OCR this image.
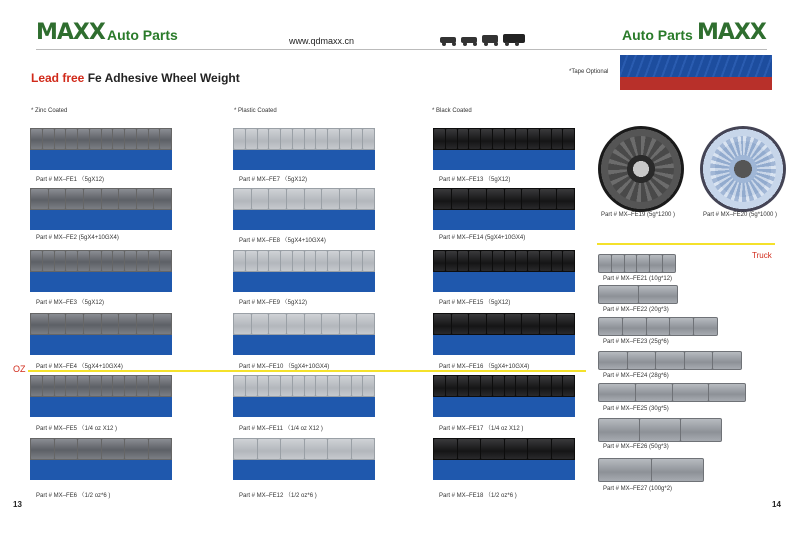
MAXX Auto Parts	www.qdmaxx.cn	Auto Parts MAXX
Lead free Fe Adhesive Wheel Weight	*Tape Optional
* Zinc Coated	* Plastic Coated	* Black Coated
Part # MX–FE1 （5gX12)
Part # MX–FE2 (5gX4+10GX4)
Part # MX–FE3 （5gX12)
Part # MX–FE4 （5gX4+10GX4)
Part # MX–FE5 （1/4 oz X12 )
Part # MX–FE6 （1/2 oz*6 )
Part # MX–FE7 （5gX12)
Part # MX–FE8 （5gX4+10GX4)
Part # MX–FE9 （5gX12)
Part # MX–FE10 （5gX4+10GX4)
Part # MX–FE11 （1/4 oz X12 )
Part # MX–FE12 （1/2 oz*6 )
Part # MX–FE13 （5gX12)
Part # MX–FE14 (5gX4+10GX4)
Part # MX–FE15 （5gX12)
Part # MX–FE16 （5gX4+10GX4)
Part # MX–FE17 （1/4 oz X12 )
Part # MX–FE18 （1/2 oz*6 )
OZ
Truck
Part # MX–FE19 (5g*1200 )	Part # MX–FE20 (5g*1000 )
Part # MX–FE21 (10g*12)
Part # MX–FE22 (20g*3)
Part # MX–FE23 (25g*6)
Part # MX–FE24 (28g*6)
Part # MX–FE25 (30g*5)
Part # MX–FE26 (50g*3)
Part # MX–FE27 (100g*2)
13	14
